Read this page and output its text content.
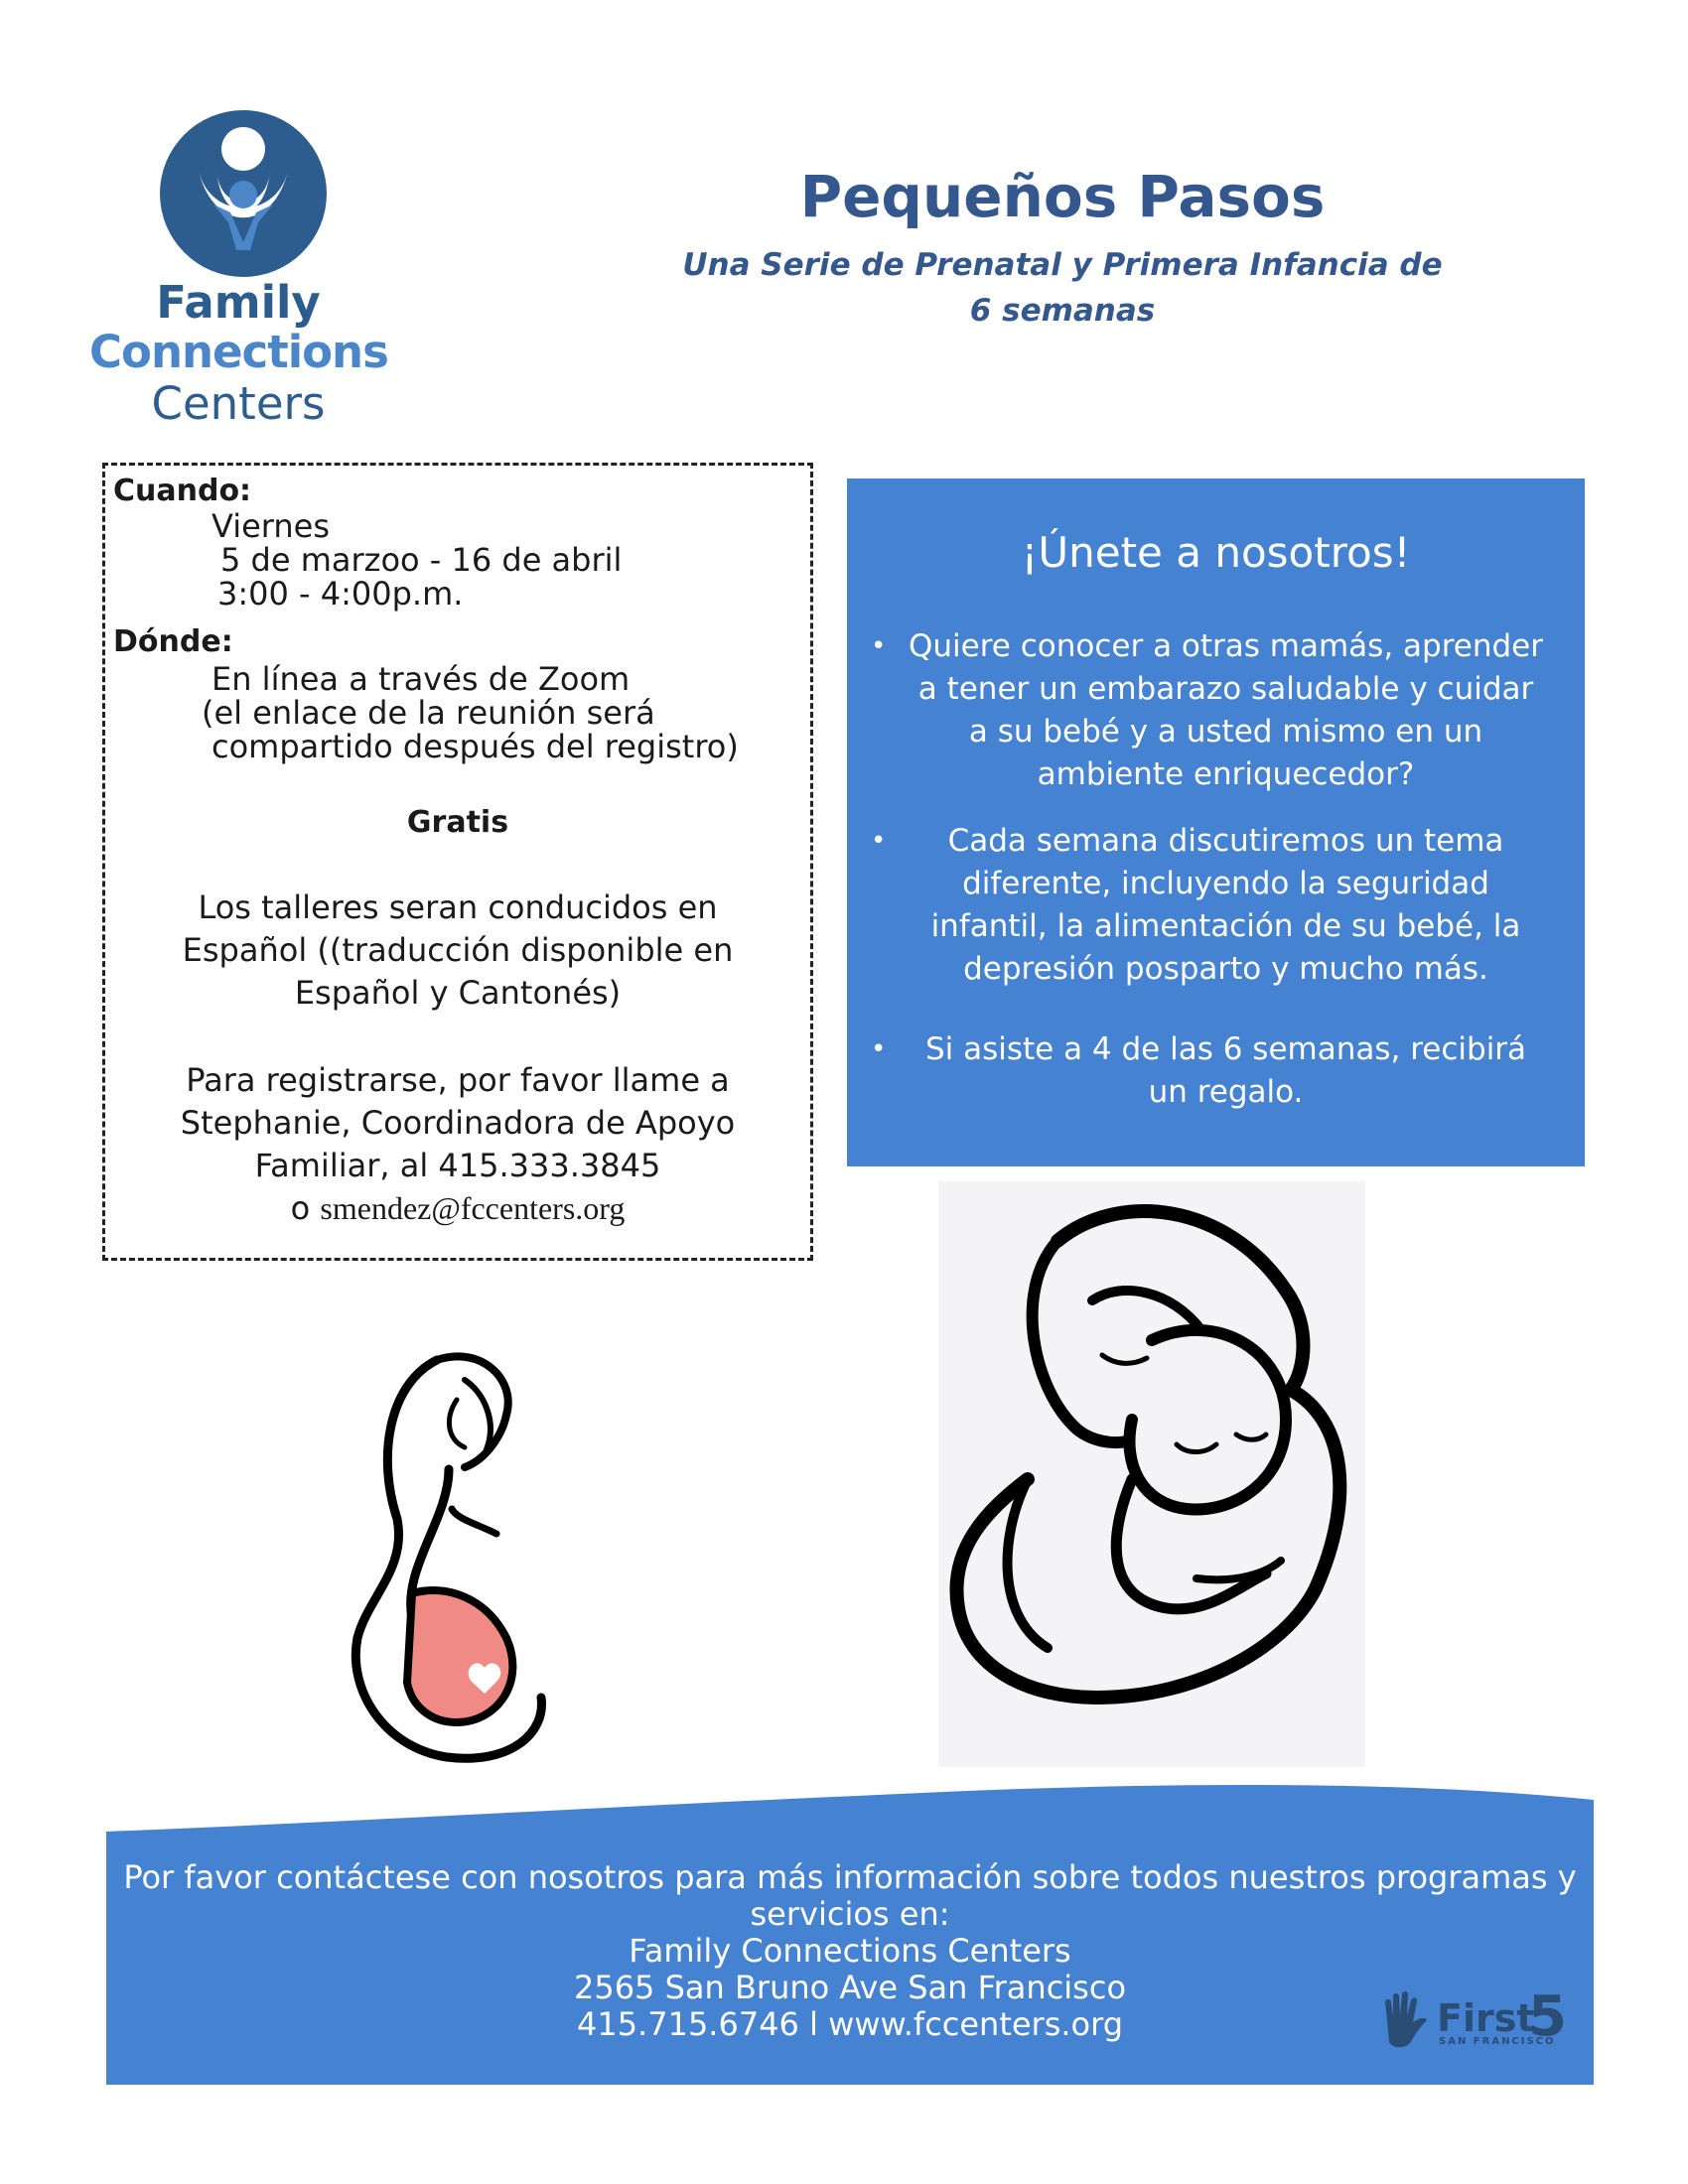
Family
Connections
Centers
Pequeños Pasos
Una Serie de Prenatal y Primera Infancia de
6 semanas
Cuando:
Viernes
5 de marzoo - 16 de abril
3:00 - 4:00p.m.
Dónde:
En línea a través de Zoom
(el enlace de la reunión será
compartido después del registro)
Gratis
Los talleres seran conducidos en
Español ((traducción disponible en
Español y Cantonés)
Para registrarse, por favor llame a
Stephanie, Coordinadora de Apoyo
Familiar, al 415.333.3845
o smendez@fccenters.org
¡Únete a nosotros!
• Quiere conocer a otras mamás, aprender a tener un embarazo saludable y cuidar a su bebé y a usted mismo en un ambiente enriquecedor?
• Cada semana discutiremos un tema diferente, incluyendo la seguridad infantil, la alimentación de su bebé, la depresión posparto y mucho más.
• Si asiste a 4 de las 6 semanas, recibirá un regalo.
Por favor contáctese con nosotros para más información sobre todos nuestros programas y
servicios en:
Family Connections Centers
2565 San Bruno Ave San Francisco
415.715.6746 l www.fccenters.org	First
5
SAN FRANCISCO
